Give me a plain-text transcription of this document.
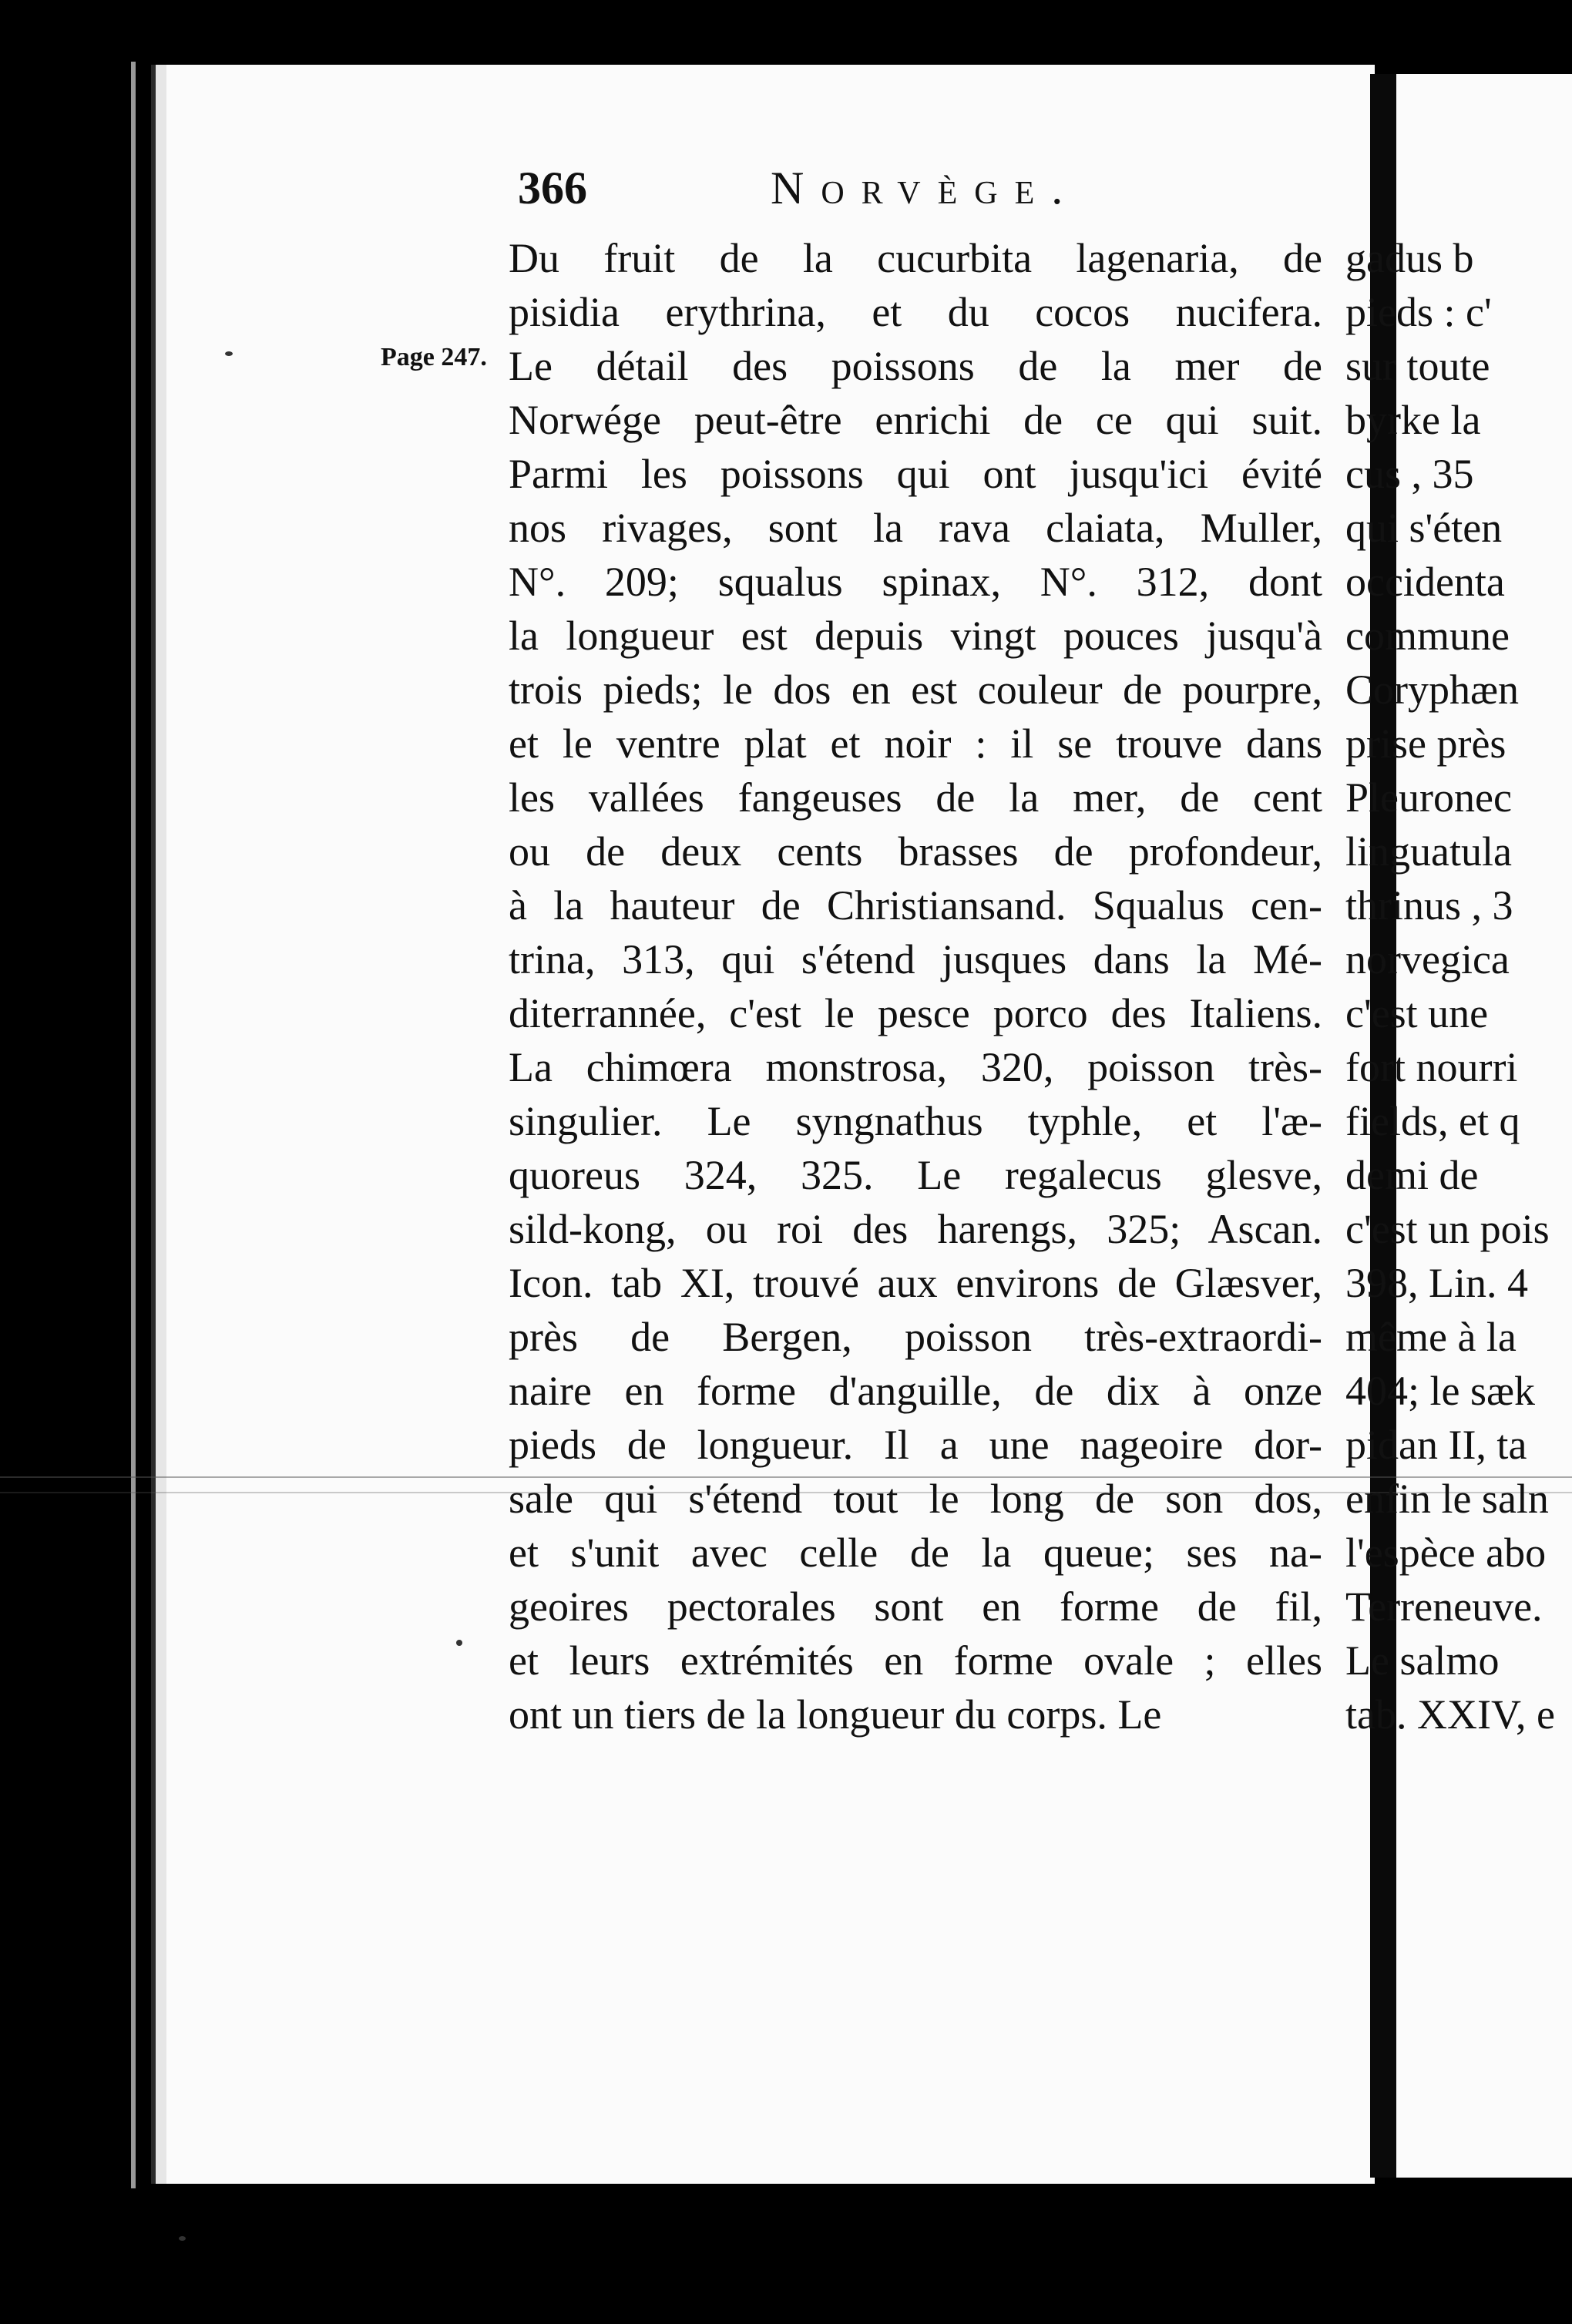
366	Norvège.
Page 247.
Du fruit de la cucurbita lagenaria, de
pisidia erythrina, et du cocos nucifera.
Le détail des poissons de la mer de
Norwége peut-être enrichi de ce qui suit.
Parmi les poissons qui ont jusqu'ici évité
nos rivages, sont la rava claiata, Muller,
N°. 209; squalus spinax, N°. 312, dont
la longueur est depuis vingt pouces jusqu'à
trois pieds; le dos en est couleur de pourpre,
et le ventre plat et noir : il se trouve dans
les vallées fangeuses de la mer, de cent
ou de deux cents brasses de profondeur,
à la hauteur de Christiansand. Squalus cen-
trina, 313, qui s'étend jusques dans la Mé-
diterrannée, c'est le pesce porco des Italiens.
La chimœra monstrosa, 320, poisson très-
singulier. Le syngnathus typhle, et l'æ-
quoreus 324, 325. Le regalecus glesve,
sild-kong, ou roi des harengs, 325; Ascan.
Icon. tab XI, trouvé aux environs de Glæsver,
près de Bergen, poisson très-extraordi-
naire en forme d'anguille, de dix à onze
pieds de longueur. Il a une nageoire dor-
sale qui s'étend tout le long de son dos,
et s'unit avec celle de la queue; ses na-
geoires pectorales sont en forme de fil,
et leurs extrémités en forme ovale ; elles
ont un tiers de la longueur du corps. Le
gadus b
pieds : c'
sur toute
byrke la
cus , 35
qui s'éten
occidenta
commune
Coryphæn
prise près
Pleuronec
linguatula
thrinus , 3
norvegica
c'est une
fort nourri
fields, et q
demi de
c'est un pois
398, Lin. 4
même à la
404; le sæk
pidan II, ta
enfin le saln
l'espèce abo
Terreneuve.
Le salmo
tab. XXIV, e
